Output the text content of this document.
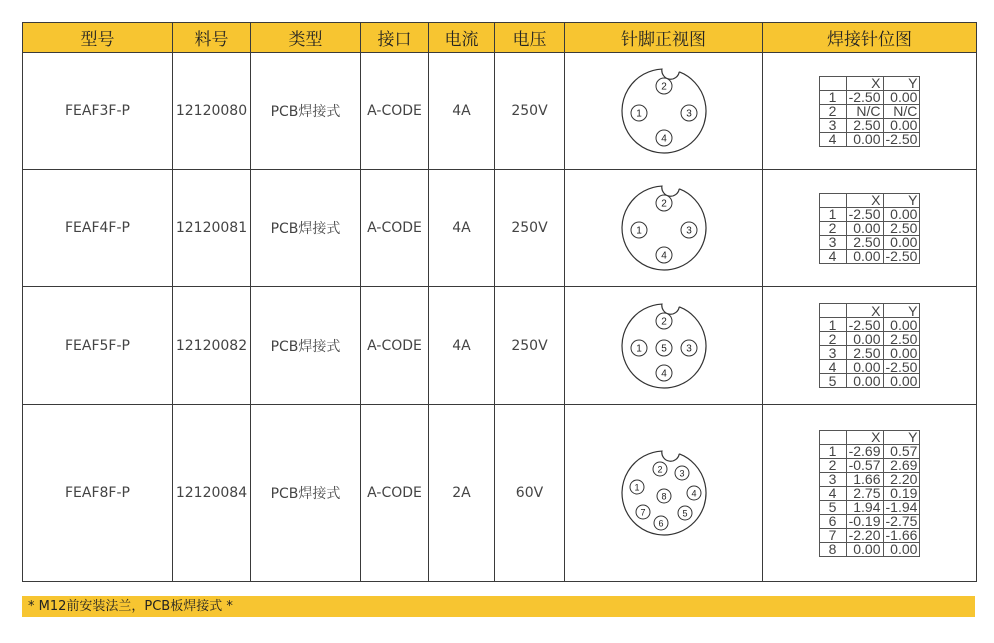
型号	料号	类型	接口	电流	电压	针脚正视图	焊接针位图
FEAF3F-P	12120080	PCB焊接式	A-CODE	4A	250V	1
2
3
4

	X	Y
1	-2.50	0.00
2	N/C	N/C
3	2.50	0.00
4	0.00	-2.50

FEAF4F-P	12120081	PCB焊接式	A-CODE	4A	250V	1
2
3
4

	X	Y
1	-2.50	0.00
2	0.00	2.50
3	2.50	0.00
4	0.00	-2.50

FEAF5F-P	12120082	PCB焊接式	A-CODE	4A	250V	1
2
3
4
5

	X	Y
1	-2.50	0.00
2	0.00	2.50
3	2.50	0.00
4	0.00	-2.50
5	0.00	0.00

FEAF8F-P	12120084	PCB焊接式	A-CODE	2A	60V	1
2 3
4
5
6
7
8

	X	Y
1	-2.69	0.57
2	-0.57	2.69
3	1.66	2.20
4	2.75	0.19
5	1.94	-1.94
6	-0.19	-2.75
7	-2.20	-1.66
8	0.00	0.00
* M12前安装法兰，PCB板焊接式 *
